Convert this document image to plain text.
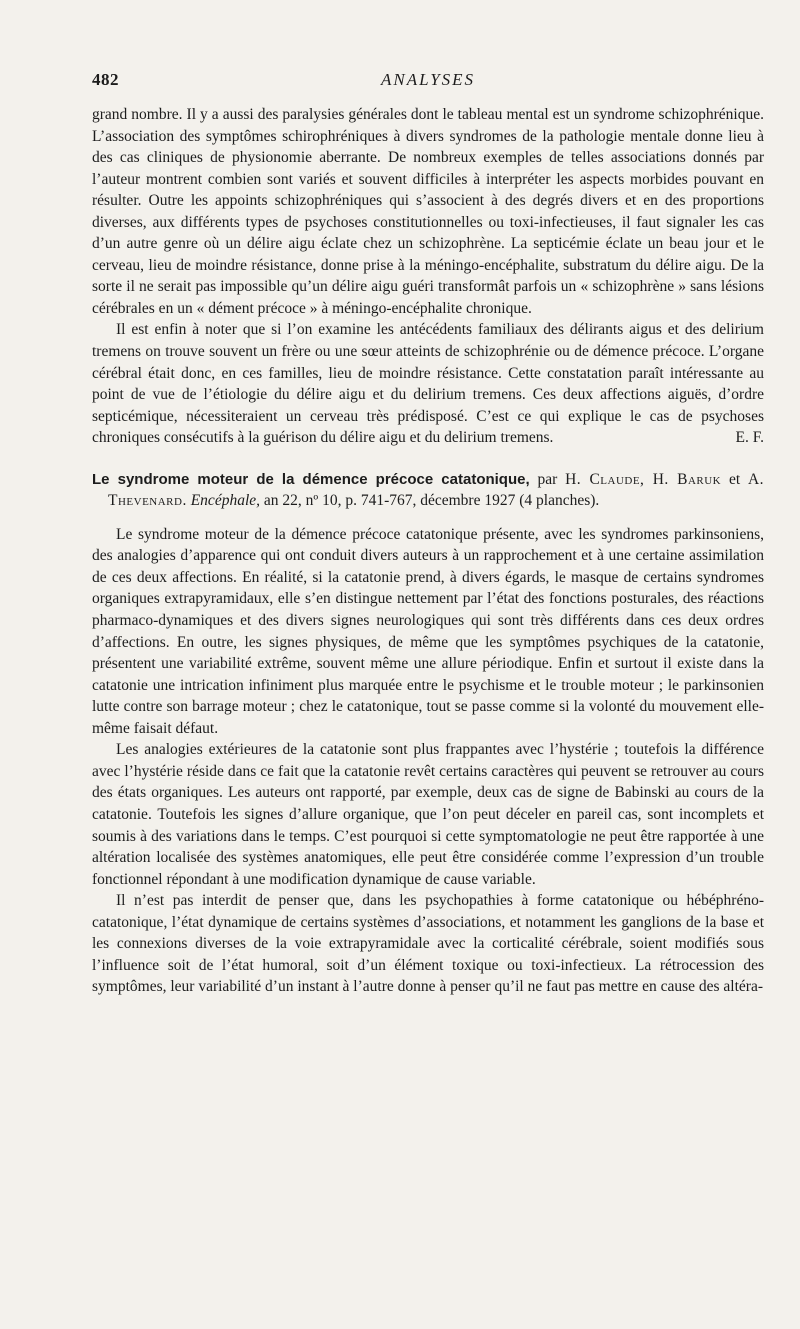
482	ANALYSES

grand nombre. Il y a aussi des paralysies générales dont le tableau mental est un syndrome schizophrénique. L’association des symptômes schirophréniques à divers syndromes de la pathologie mentale donne lieu à des cas cliniques de physionomie aberrante. De nombreux exemples de telles associations donnés par l’auteur montrent combien sont variés et souvent difficiles à interpréter les aspects morbides pouvant en résulter. Outre les appoints schizophréniques qui s’associent à des degrés divers et en des proportions diverses, aux différents types de psychoses constitutionnelles ou toxi-infectieuses, il faut signaler les cas d’un autre genre où un délire aigu éclate chez un schizophrène. La septicémie éclate un beau jour et le cerveau, lieu de moindre résistance, donne prise à la méningo-encéphalite, substratum du délire aigu. De la sorte il ne serait pas impossible qu’un délire aigu guéri transformât parfois un « schizophrène » sans lésions cérébrales en un « dément précoce » à méningo-encéphalite chronique.

Il est enfin à noter que si l’on examine les antécédents familiaux des délirants aigus et des delirium tremens on trouve souvent un frère ou une sœur atteints de schizophrénie ou de démence précoce. L’organe cérébral était donc, en ces familles, lieu de moindre résistance. Cette constatation paraît intéressante au point de vue de l’étiologie du délire aigu et du delirium tremens. Ces deux affections aiguës, d’ordre septicémique, nécessiteraient un cerveau très prédisposé. C’est ce qui explique le cas de psychoses chroniques consécutifs à la guérison du délire aigu et du delirium tremens.	E. F.

Le syndrome moteur de la démence précoce catatonique, par H. Claude, H. Baruk et A. Thevenard. Encéphale, an 22, nº 10, p. 741-767, décembre 1927 (4 planches).

Le syndrome moteur de la démence précoce catatonique présente, avec les syndromes parkinsoniens, des analogies d’apparence qui ont conduit divers auteurs à un rapprochement et à une certaine assimilation de ces deux affections. En réalité, si la catatonie prend, à divers égards, le masque de certains syndromes organiques extrapyramidaux, elle s’en distingue nettement par l’état des fonctions posturales, des réactions pharmaco-dynamiques et des divers signes neurologiques qui sont très différents dans ces deux ordres d’affections. En outre, les signes physiques, de même que les symptômes psychiques de la catatonie, présentent une variabilité extrême, souvent même une allure périodique. Enfin et surtout il existe dans la catatonie une intrication infiniment plus marquée entre le psychisme et le trouble moteur ; le parkinsonien lutte contre son barrage moteur ; chez le catatonique, tout se passe comme si la volonté du mouvement elle-même faisait défaut.

Les analogies extérieures de la catatonie sont plus frappantes avec l’hystérie ; toutefois la différence avec l’hystérie réside dans ce fait que la catatonie revêt certains caractères qui peuvent se retrouver au cours des états organiques. Les auteurs ont rapporté, par exemple, deux cas de signe de Babinski au cours de la catatonie. Toutefois les signes d’allure organique, que l’on peut déceler en pareil cas, sont incomplets et soumis à des variations dans le temps. C’est pourquoi si cette symptomatologie ne peut être rapportée à une altération localisée des systèmes anatomiques, elle peut être considérée comme l’expression d’un trouble fonctionnel répondant à une modification dynamique de cause variable.

Il n’est pas interdit de penser que, dans les psychopathies à forme catatonique ou hébéphréno-catatonique, l’état dynamique de certains systèmes d’associations, et notamment les ganglions de la base et les connexions diverses de la voie extrapyramidale avec la corticalité cérébrale, soient modifiés sous l’influence soit de l’état humoral, soit d’un élément toxique ou toxi-infectieux. La rétrocession des symptômes, leur variabilité d’un instant à l’autre donne à penser qu’il ne faut pas mettre en cause des altéra-
